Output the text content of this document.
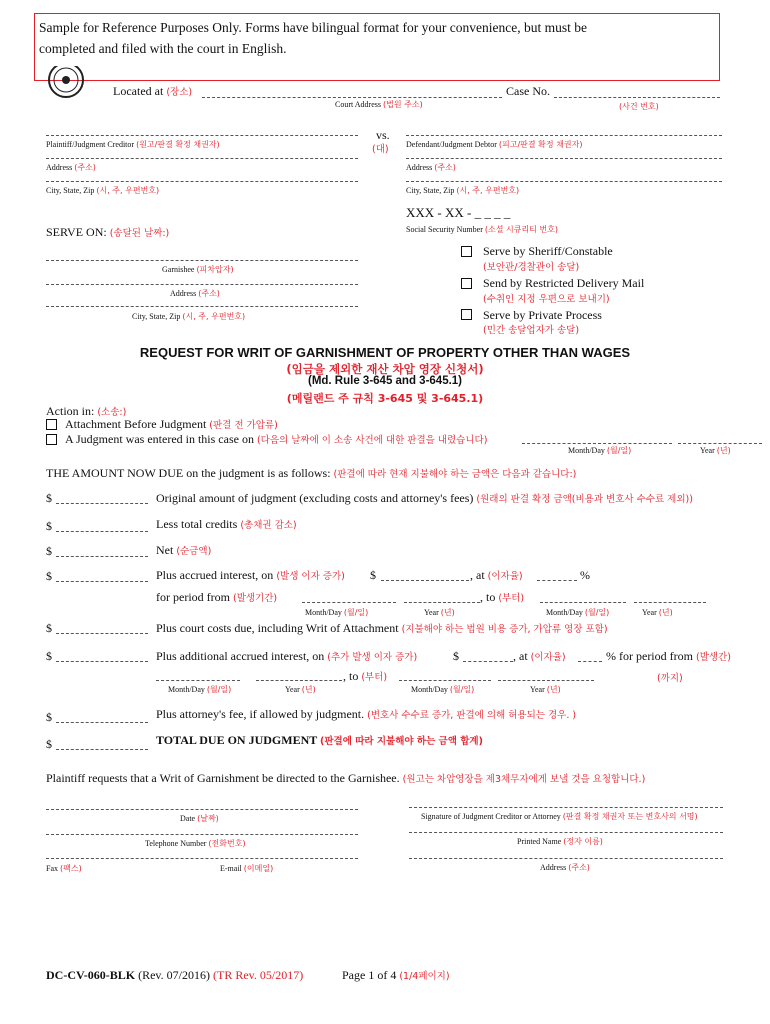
Sample for Reference Purposes Only. Forms have bilingual format for your convenience, but must be
completed and filed with the court in English.
Located at (장소)	Case No.
Court Address (법원 주소)	(사건 번호)
Plaintiff/Judgment Creditor (원고/판결 확정 채권자)
Address (주소)
City, State, Zip (시, 주, 우편번호)
vs.
(대) Defendant/Judgment Debtor (피고/판결 확정 채권자)
Address (주소)
City, State, Zip (시, 주, 우편번호)
XXX - XX - _ _ _ _
Social Security Number (소셜 시큐리티 번호)
SERVE ON: (송달된 날짜:)
Garnishee (피차압자)
Address (주소)
City, State, Zip (시, 주, 우편번호)
Serve by Sheriff/Constable
(보안관/경찰관이 송달)
Send by Restricted Delivery Mail
(수취인 지정 우편으로 보내기)
Serve by Private Process
(민간 송달업자가 송달)
REQUEST FOR WRIT OF GARNISHMENT OF PROPERTY OTHER THAN WAGES
(임금을 제외한 재산 차압 영장 신청서)
(Md. Rule 3-645 and 3-645.1)
(메릴랜드 주 규칙 3-645 및 3-645.1)
Action in: (소송:)
Attachment Before Judgment (판결 전 가압류)
A Judgment was entered in this case on (다음의 날짜에 이 소송 사건에 대한 판결을 내렸습니다)
Month/Day (월/일)	Year (년)
THE AMOUNT NOW DUE on the judgment is as follows: (판결에 따라 현재 지불해야 하는 금액은 다음과 같습니다:)
$	Original amount of judgment (excluding costs and attorney's fees) (원래의 판결 확정 금액(비용과 변호사 수수료 제외))
$	Less total credits (총채권 감소)
$	Net (순금액)
$	Plus accrued interest, on (발생 이자 증가) $	, at (이자율)	%
for period from (발생기간)	, to (부터)
Month/Day (월/일)	Year (년)	Month/Day (월/일)	Year (년)
$	Plus court costs due, including Writ of Attachment (지불해야 하는 법원 비용 증가, 가압류 영장 포함)
$	Plus additional accrued interest, on (추가 발생 이자 증가)	$	, at (이자율)	% for period from (발생간)
, to (부터)	(까지)
Month/Day (월/일)	Year (년)	Month/Day (월/일)	Year (년)
$	Plus attorney's fee, if allowed by judgment. (변호사 수수료 증가, 판결에 의해 허용되는 경우. )
$	TOTAL DUE ON JUDGMENT (판결에 따라 지불해야 하는 금액 합계)
Plaintiff requests that a Writ of Garnishment be directed to the Garnishee. (원고는 차압영장을 제3채무자에게 보낼 것을 요청합니다.)
Date (날짜)	Signature of Judgment Creditor or Attorney (판결 확정 채권자 또는 변호사의 서명)
Telephone Number (전화번호)	Printed Name (정자 이름)
Fax (팩스)	E-mail (이메일)	Address (주소)
DC-CV-060-BLK (Rev. 07/2016) (TR Rev. 05/2017)	Page 1 of 4 (1/4페이지)
